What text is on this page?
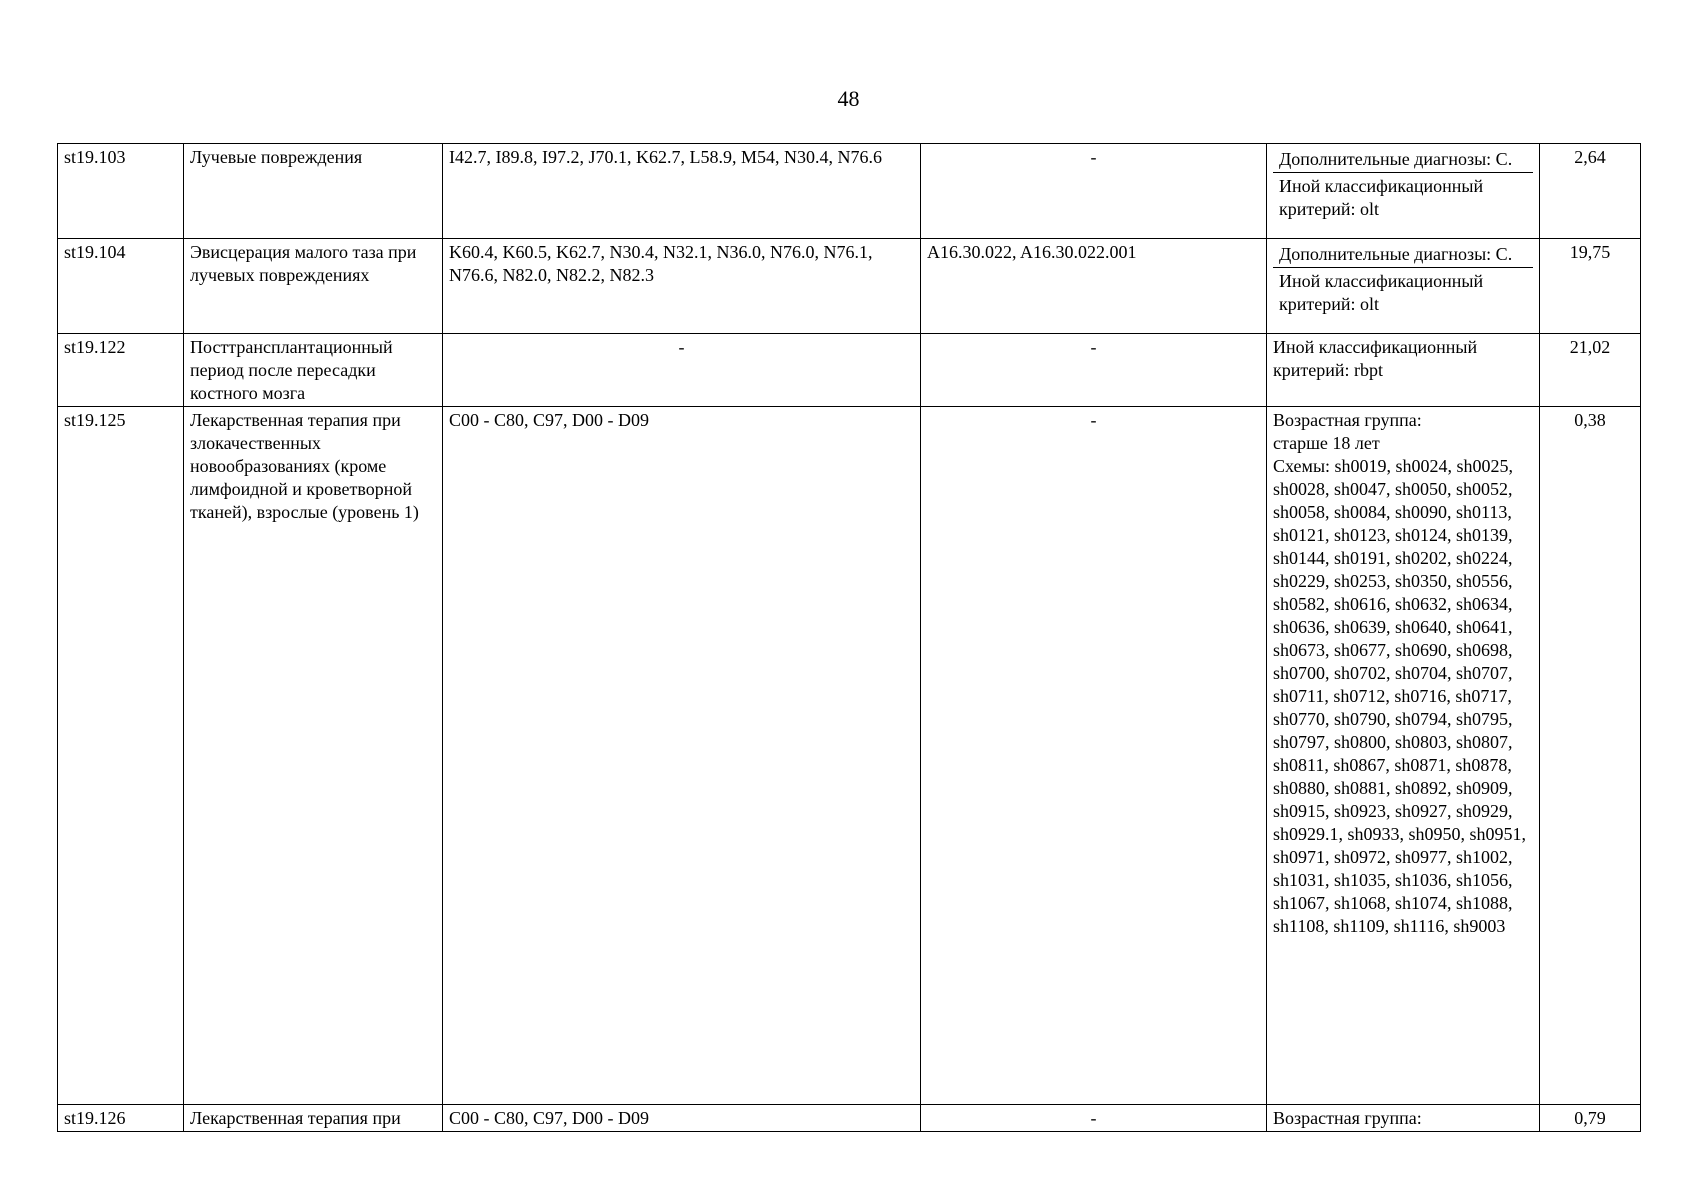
48
st19.103	Лучевые повреждения	I42.7, I89.8, I97.2, J70.1, K62.7, L58.9, M54, N30.4, N76.6	-	Дополнительные диагнозы: C.
Иной классификационный критерий: olt	2,64
st19.104	Эвисцерация малого таза при лучевых повреждениях	K60.4, K60.5, K62.7, N30.4, N32.1, N36.0, N76.0, N76.1, N76.6, N82.0, N82.2, N82.3	A16.30.022, A16.30.022.001	Дополнительные диагнозы: C.
Иной классификационный критерий: olt	19,75
st19.122	Посттрансплантационный период после пересадки костного мозга	-	-	Иной классификационный критерий: rbpt	21,02
st19.125	Лекарственная терапия при злокачественных новообразованиях (кроме лимфоидной и кроветворной тканей), взрослые (уровень 1)	C00 - C80, C97, D00 - D09	-	Возрастная группа:
старше 18 лет
Схемы: sh0019, sh0024, sh0025, sh0028, sh0047, sh0050, sh0052, sh0058, sh0084, sh0090, sh0113, sh0121, sh0123, sh0124, sh0139, sh0144, sh0191, sh0202, sh0224, sh0229, sh0253, sh0350, sh0556, sh0582, sh0616, sh0632, sh0634, sh0636, sh0639, sh0640, sh0641, sh0673, sh0677, sh0690, sh0698, sh0700, sh0702, sh0704, sh0707, sh0711, sh0712, sh0716, sh0717, sh0770, sh0790, sh0794, sh0795, sh0797, sh0800, sh0803, sh0807, sh0811, sh0867, sh0871, sh0878, sh0880, sh0881, sh0892, sh0909, sh0915, sh0923, sh0927, sh0929, sh0929.1, sh0933, sh0950, sh0951, sh0971, sh0972, sh0977, sh1002, sh1031, sh1035, sh1036, sh1056, sh1067, sh1068, sh1074, sh1088, sh1108, sh1109, sh1116, sh9003	0,38
st19.126	Лекарственная терапия при	C00 - C80, C97, D00 - D09	-	Возрастная группа:	0,79
